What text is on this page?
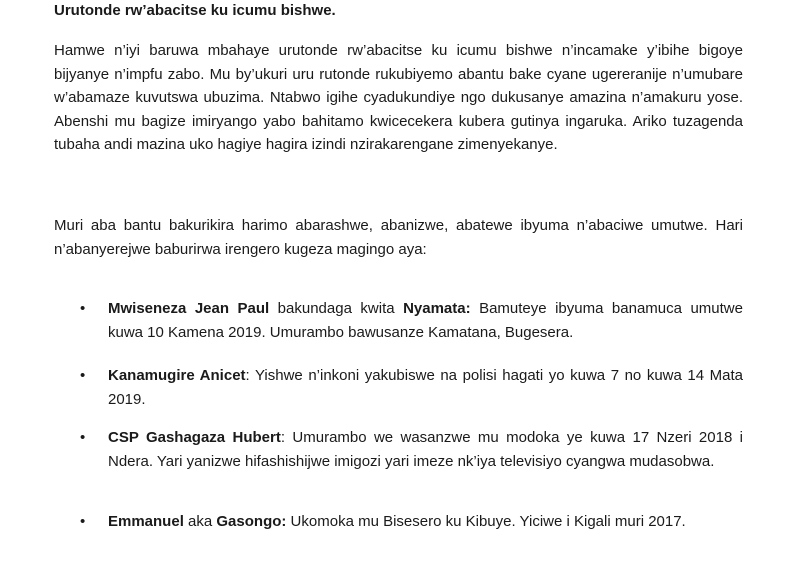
Urutonde rw’abacitse ku icumu bishwe.

Hamwe n’iyi baruwa mbahaye urutonde rw’abacitse ku icumu bishwe n’incamake y’ibihe bigoye bijyanye n’impfu zabo. Mu by’ukuri uru rutonde rukubiyemo abantu bake cyane ugereranije n’umubare w’abamaze kuvutswa ubuzima. Ntabwo igihe cyadukundiye ngo dukusanye amazina n’amakuru yose. Abenshi mu bagize imiryango yabo bahitamo kwicecekera kubera gutinya ingaruka. Ariko tuzagenda tubaha andi mazina uko hagiye hagira izindi nzirakarengane zimenyekanye.

Muri aba bantu bakurikira harimo abarashwe, abanizwe, abatewe ibyuma n’abaciwe umutwe. Hari n’abanyerejwe baburirwa irengero kugeza magingo aya:

• Mwiseneza Jean Paul bakundaga kwita Nyamata: Bamuteye ibyuma banamuca umutwe kuwa 10 Kamena 2019. Umurambo bawusanze Kamatana, Bugesera.

• Kanamugire Anicet: Yishwe n’inkoni yakubiswe na polisi hagati yo kuwa 7 no kuwa 14 Mata 2019.

• CSP Gashagaza Hubert: Umurambo we wasanzwe mu modoka ye kuwa 17 Nzeri 2018 i Ndera. Yari yanizwe hifashishijwe imigozi yari imeze nk’iya televisiyo cyangwa mudasobwa.

• Emmanuel aka Gasongo: Ukomoka mu Bisesero ku Kibuye. Yiciwe i Kigali muri 2017.
